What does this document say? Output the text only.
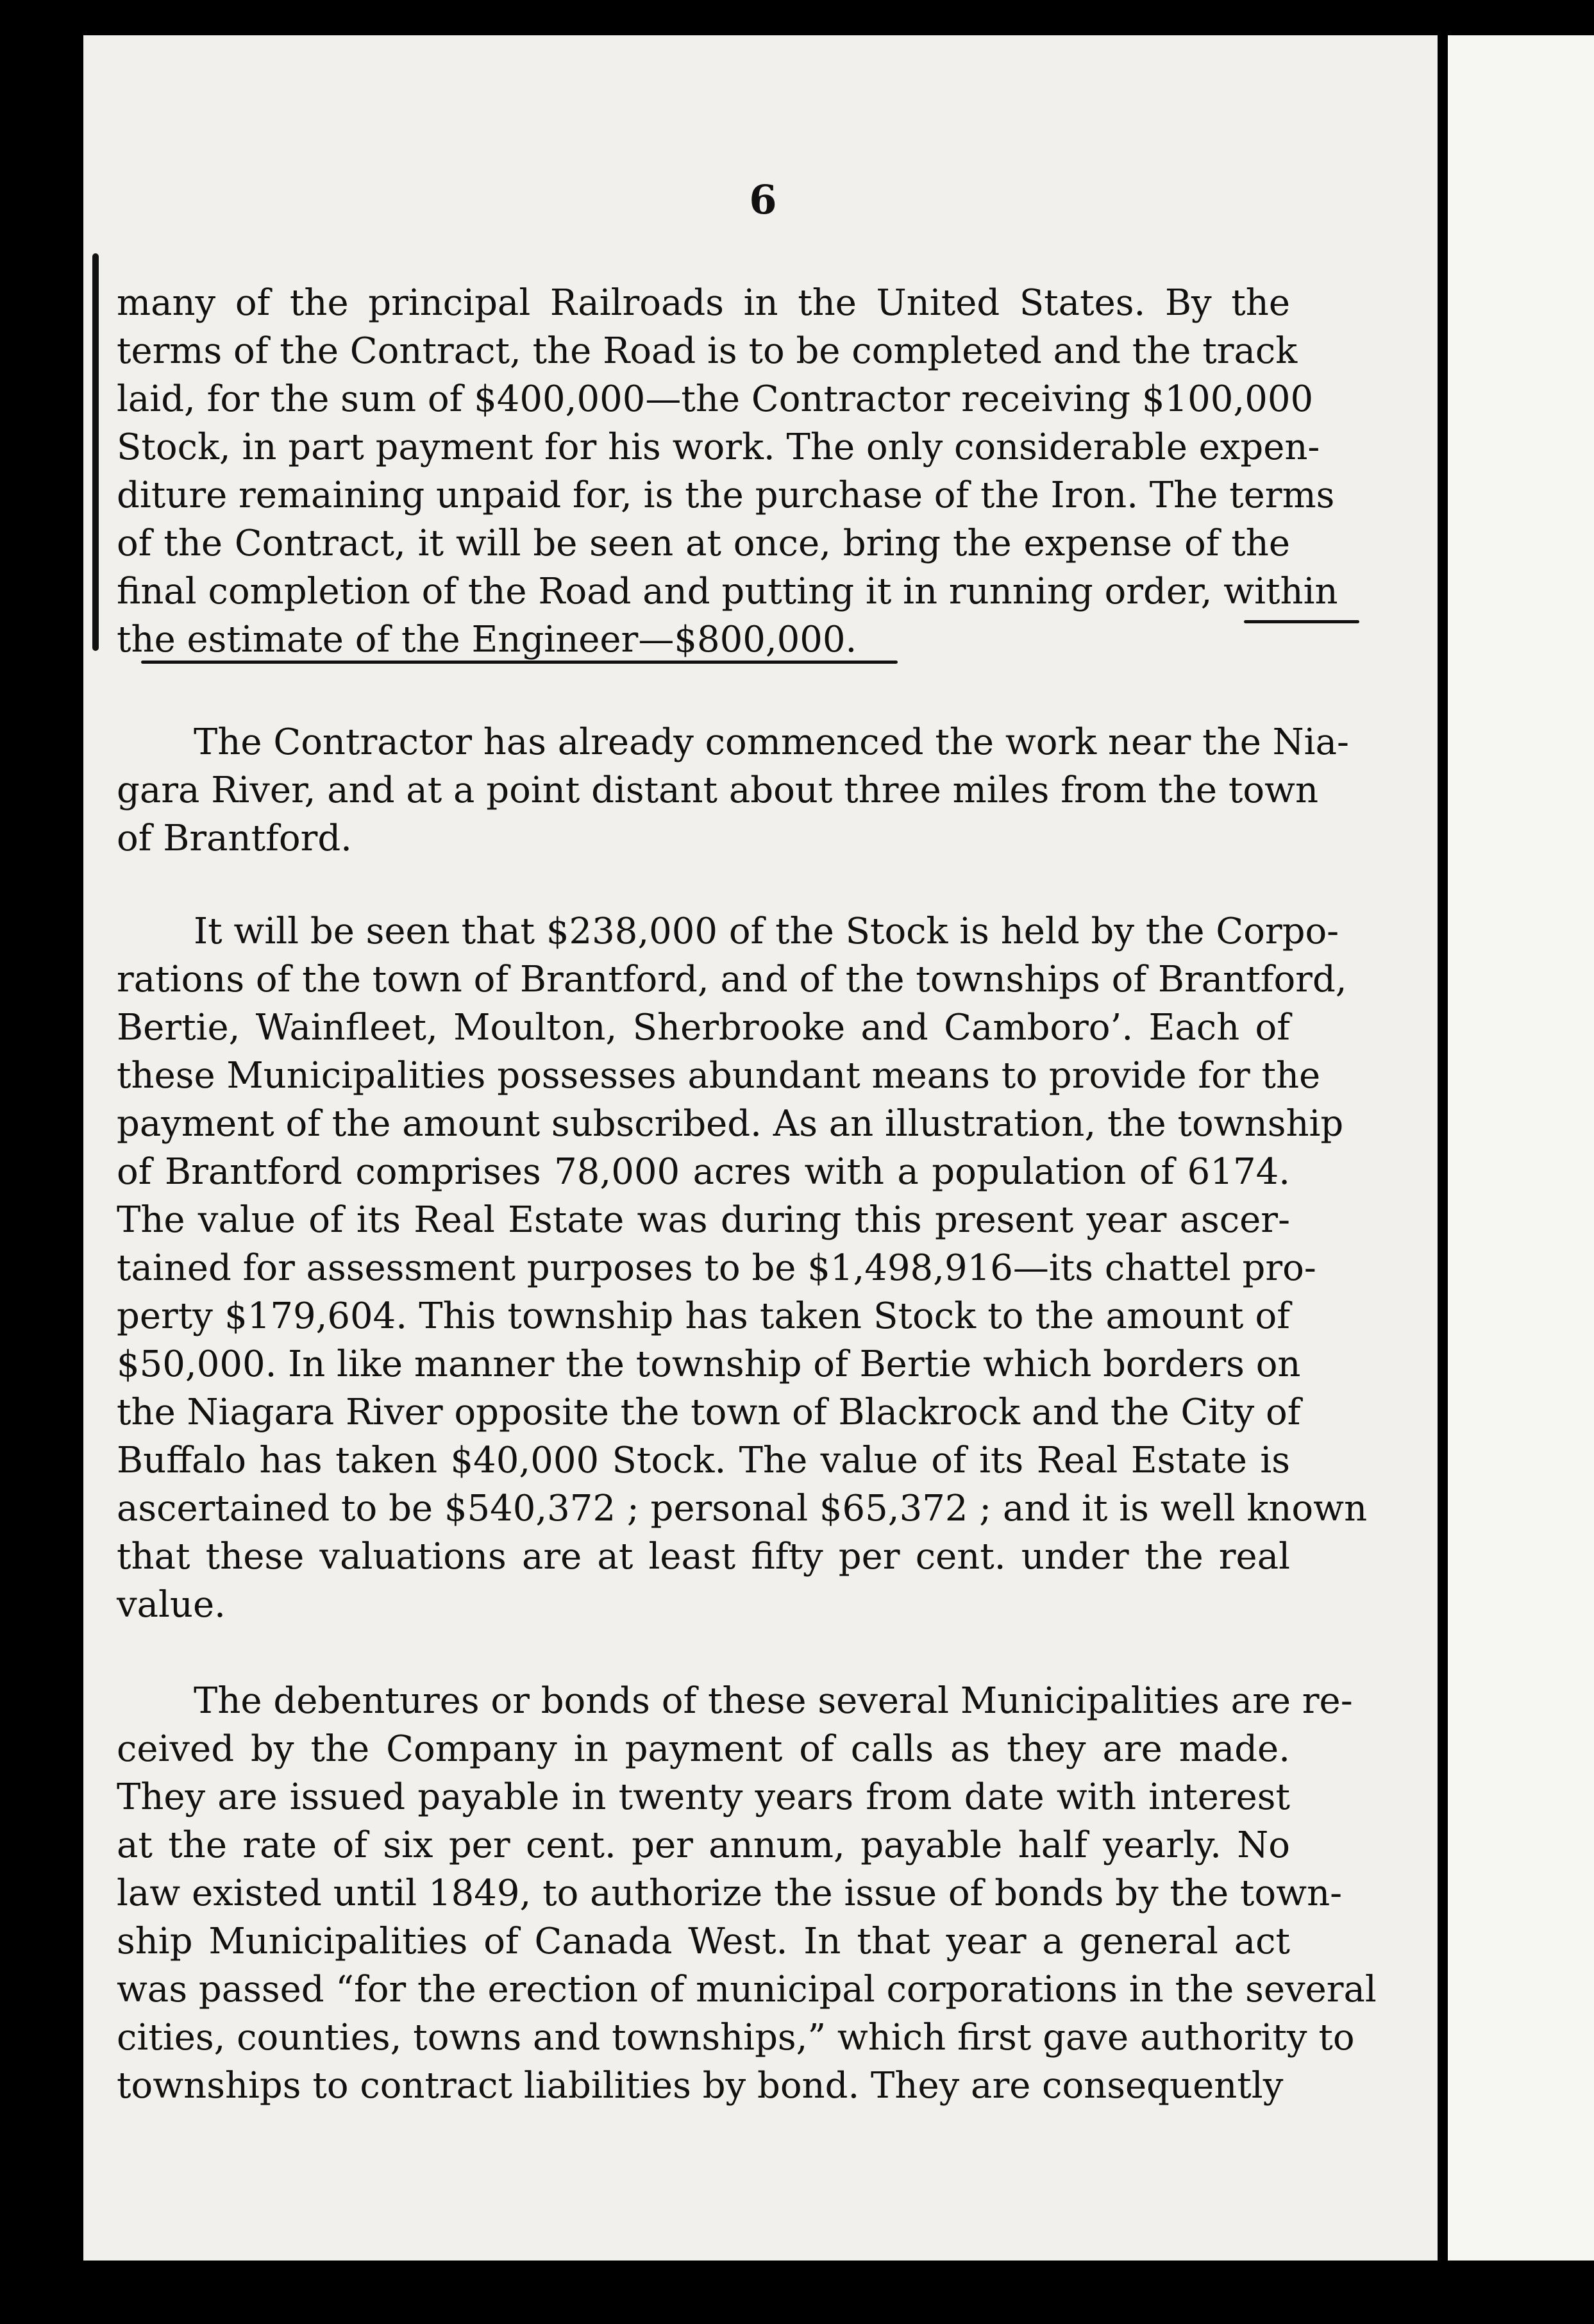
6
many of the principal Railroads in the United States. By the
terms of the Contract, the Road is to be completed and the track
laid, for the sum of $400,000—the Contractor receiving $100,000
Stock, in part payment for his work. The only considerable expen-
diture remaining unpaid for, is the purchase of the Iron. The terms
of the Contract, it will be seen at once, bring the expense of the
final completion of the Road and putting it in running order, within
the estimate of the Engineer—$800,000.
The Contractor has already commenced the work near the Nia-
gara River, and at a point distant about three miles from the town
of Brantford.
It will be seen that $238,000 of the Stock is held by the Corpo-
rations of the town of Brantford, and of the townships of Brantford,
Bertie, Wainfleet, Moulton, Sherbrooke and Camboro’. Each of
these Municipalities possesses abundant means to provide for the
payment of the amount subscribed. As an illustration, the township
of Brantford comprises 78,000 acres with a population of 6174.
The value of its Real Estate was during this present year ascer-
tained for assessment purposes to be $1,498,916—its chattel pro-
perty $179,604. This township has taken Stock to the amount of
$50,000. In like manner the township of Bertie which borders on
the Niagara River opposite the town of Blackrock and the City of
Buffalo has taken $40,000 Stock. The value of its Real Estate is
ascertained to be $540,372 ; personal $65,372 ; and it is well known
that these valuations are at least fifty per cent. under the real
value.
The debentures or bonds of these several Municipalities are re-
ceived by the Company in payment of calls as they are made.
They are issued payable in twenty years from date with interest
at the rate of six per cent. per annum, payable half yearly. No
law existed until 1849, to authorize the issue of bonds by the town-
ship Municipalities of Canada West. In that year a general act
was passed “for the erection of municipal corporations in the several
cities, counties, towns and townships,” which first gave authority to
townships to contract liabilities by bond. They are consequently
